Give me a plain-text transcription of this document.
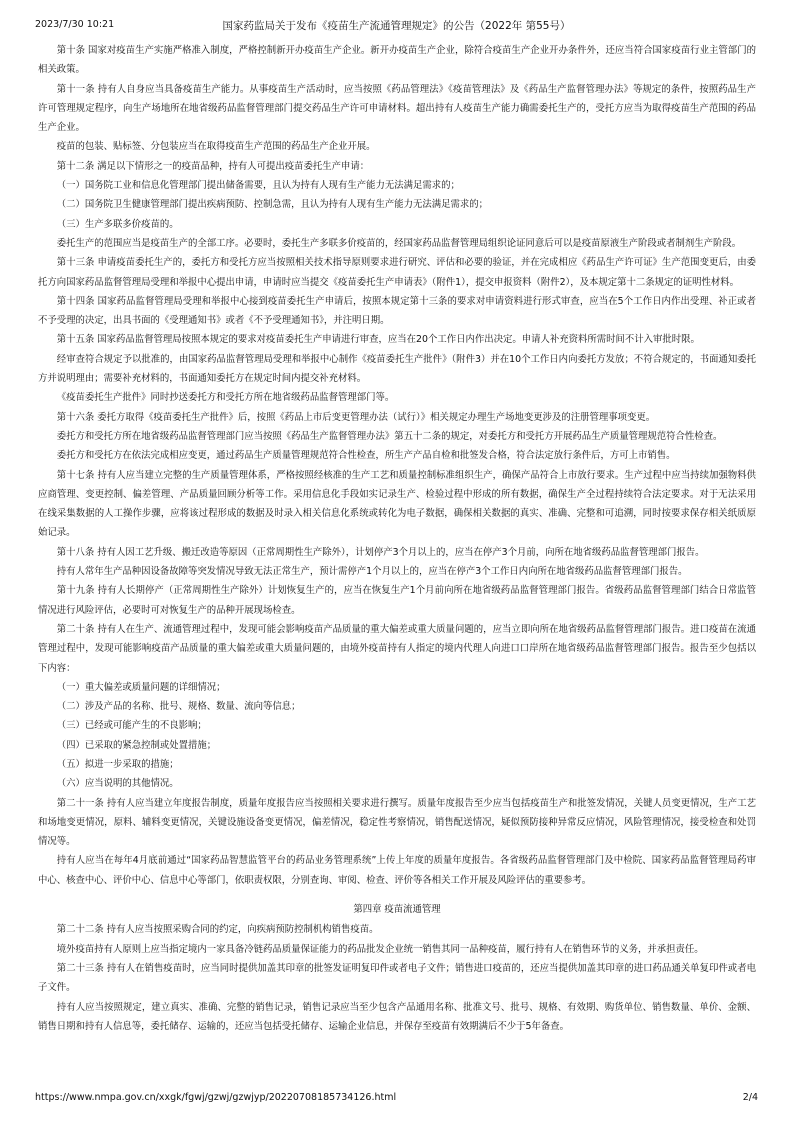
2023/7/30 10:21	国家药监局关于发布《疫苗生产流通管理规定》的公告（2022年 第55号）

第十条 国家对疫苗生产实施严格准入制度，严格控制新开办疫苗生产企业。新开办疫苗生产企业，除符合疫苗生产企业开办条件外，还应当符合国家疫苗行业主管部门的相关政策。

第十一条 持有人自身应当具备疫苗生产能力。从事疫苗生产活动时，应当按照《药品管理法》《疫苗管理法》及《药品生产监督管理办法》等规定的条件，按照药品生产许可管理规定程序，向生产场地所在地省级药品监督管理部门提交药品生产许可申请材料。超出持有人疫苗生产能力确需委托生产的，受托方应当为取得疫苗生产范围的药品生产企业。

疫苗的包装、贴标签、分包装应当在取得疫苗生产范围的药品生产企业开展。

第十二条 满足以下情形之一的疫苗品种，持有人可提出疫苗委托生产申请：

（一）国务院工业和信息化管理部门提出储备需要，且认为持有人现有生产能力无法满足需求的；

（二）国务院卫生健康管理部门提出疾病预防、控制急需，且认为持有人现有生产能力无法满足需求的；

（三）生产多联多价疫苗的。

委托生产的范围应当是疫苗生产的全部工序。必要时，委托生产多联多价疫苗的，经国家药品监督管理局组织论证同意后可以是疫苗原液生产阶段或者制剂生产阶段。

第十三条 申请疫苗委托生产的，委托方和受托方应当按照相关技术指导原则要求进行研究、评估和必要的验证，并在完成相应《药品生产许可证》生产范围变更后，由委托方向国家药品监督管理局受理和举报中心提出申请，申请时应当提交《疫苗委托生产申请表》（附件1），提交申报资料（附件2），及本规定第十二条规定的证明性材料。

第十四条 国家药品监督管理局受理和举报中心接到疫苗委托生产申请后，按照本规定第十三条的要求对申请资料进行形式审查，应当在5个工作日内作出受理、补正或者不予受理的决定，出具书面的《受理通知书》或者《不予受理通知书》，并注明日期。

第十五条 国家药品监督管理局按照本规定的要求对疫苗委托生产申请进行审查，应当在20个工作日内作出决定。申请人补充资料所需时间不计入审批时限。

经审查符合规定予以批准的，由国家药品监督管理局受理和举报中心制作《疫苗委托生产批件》（附件3）并在10个工作日内向委托方发放；不符合规定的，书面通知委托方并说明理由；需要补充材料的，书面通知委托方在规定时间内提交补充材料。

《疫苗委托生产批件》同时抄送委托方和受托方所在地省级药品监督管理部门等。

第十六条 委托方取得《疫苗委托生产批件》后，按照《药品上市后变更管理办法（试行）》相关规定办理生产场地变更涉及的注册管理事项变更。

委托方和受托方所在地省级药品监督管理部门应当按照《药品生产监督管理办法》第五十二条的规定，对委托方和受托方开展药品生产质量管理规范符合性检查。

委托方和受托方在依法完成相应变更，通过药品生产质量管理规范符合性检查，所生产产品自检和批签发合格，符合法定放行条件后，方可上市销售。

第十七条 持有人应当建立完整的生产质量管理体系，严格按照经核准的生产工艺和质量控制标准组织生产，确保产品符合上市放行要求。生产过程中应当持续加强物料供应商管理、变更控制、偏差管理、产品质量回顾分析等工作。采用信息化手段如实记录生产、检验过程中形成的所有数据，确保生产全过程持续符合法定要求。对于无法采用在线采集数据的人工操作步骤，应将该过程形成的数据及时录入相关信息化系统或转化为电子数据，确保相关数据的真实、准确、完整和可追溯，同时按要求保存相关纸质原始记录。

第十八条 持有人因工艺升级、搬迁改造等原因（正常周期性生产除外），计划停产3个月以上的，应当在停产3个月前，向所在地省级药品监督管理部门报告。

持有人常年生产品种因设备故障等突发情况导致无法正常生产，预计需停产1个月以上的，应当在停产3个工作日内向所在地省级药品监督管理部门报告。

第十九条 持有人长期停产（正常周期性生产除外）计划恢复生产的，应当在恢复生产1个月前向所在地省级药品监督管理部门报告。省级药品监督管理部门结合日常监管情况进行风险评估，必要时可对恢复生产的品种开展现场检查。

第二十条 持有人在生产、流通管理过程中，发现可能会影响疫苗产品质量的重大偏差或重大质量问题的，应当立即向所在地省级药品监督管理部门报告。进口疫苗在流通管理过程中，发现可能影响疫苗产品质量的重大偏差或重大质量问题的，由境外疫苗持有人指定的境内代理人向进口口岸所在地省级药品监督管理部门报告。报告至少包括以下内容：

（一）重大偏差或质量问题的详细情况；

（二）涉及产品的名称、批号、规格、数量、流向等信息；

（三）已经或可能产生的不良影响；

（四）已采取的紧急控制或处置措施；

（五）拟进一步采取的措施；

（六）应当说明的其他情况。

第二十一条 持有人应当建立年度报告制度，质量年度报告应当按照相关要求进行撰写。质量年度报告至少应当包括疫苗生产和批签发情况，关键人员变更情况，生产工艺和场地变更情况，原料、辅料变更情况，关键设施设备变更情况，偏差情况，稳定性考察情况，销售配送情况，疑似预防接种异常反应情况，风险管理情况，接受检查和处罚情况等。

持有人应当在每年4月底前通过“国家药品智慧监管平台的药品业务管理系统”上传上年度的质量年度报告。各省级药品监督管理部门及中检院、国家药品监督管理局药审中心、核查中心、评价中心、信息中心等部门，依职责权限，分别查询、审阅、检查、评价等各相关工作开展及风险评估的重要参考。

第四章 疫苗流通管理

第二十二条 持有人应当按照采购合同的约定，向疾病预防控制机构销售疫苗。

境外疫苗持有人原则上应当指定境内一家具备冷链药品质量保证能力的药品批发企业统一销售其同一品种疫苗，履行持有人在销售环节的义务，并承担责任。

第二十三条 持有人在销售疫苗时，应当同时提供加盖其印章的批签发证明复印件或者电子文件；销售进口疫苗的，还应当提供加盖其印章的进口药品通关单复印件或者电子文件。

持有人应当按照规定，建立真实、准确、完整的销售记录，销售记录应当至少包含产品通用名称、批准文号、批号、规格、有效期、购货单位、销售数量、单价、金额、销售日期和持有人信息等，委托储存、运输的，还应当包括受托储存、运输企业信息，并保存至疫苗有效期满后不少于5年备查。

https://www.nmpa.gov.cn/xxgk/fgwj/gzwj/gzwjyp/20220708185734126.html	2/4
